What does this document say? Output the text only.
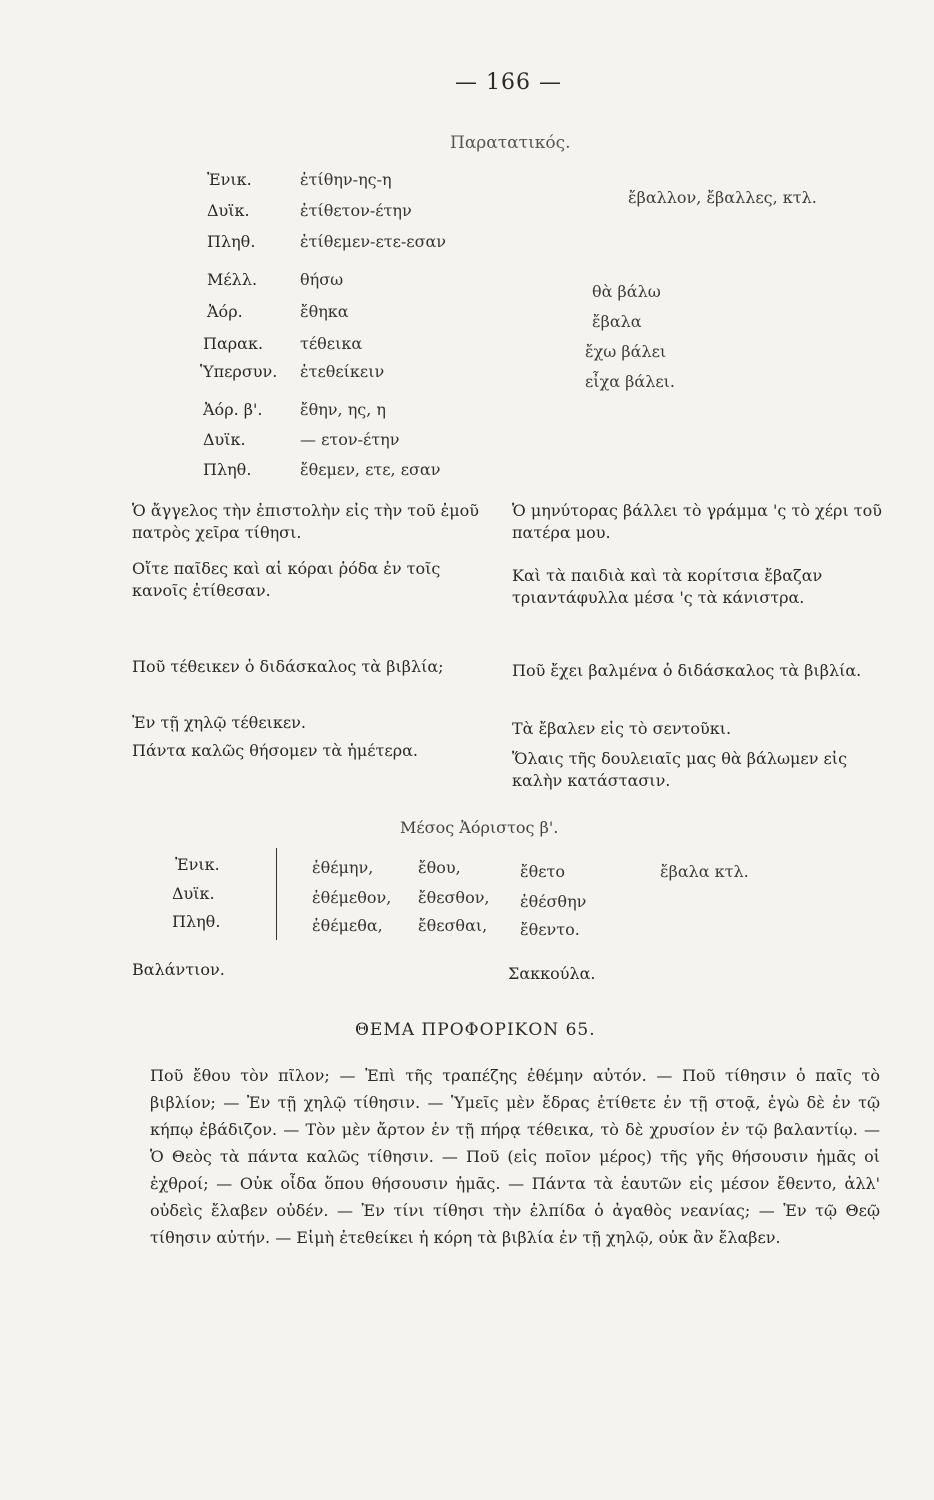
— 166 —
Παρατατικός.
Ἐνικ.	ἐτίθην-ης-η
Δυϊκ.	ἐτίθετον-έτην
Πληθ.	ἐτίθεμεν-ετε-εσαν
Μέλλ.	θήσω
Ἀόρ.	ἔθηκα
Παρακ. τέθεικα
Ὑπερσυν. ἐτεθείκειν
Ἀόρ. β'. ἔθην, ης, η
Δυϊκ.	— ετον-έτην
Πληθ.	ἔθεμεν, ετε, εσαν
ἔβαλλον, ἔβαλλες, κτλ.
θὰ βάλω
ἔβαλα
ἔχω βάλει
εἶχα βάλει.
Ὁ ἄγγελος τὴν ἐπιστολὴν εἰς τὴν τοῦ ἐμοῦ πατρὸς χεῖρα τίθησι.
Οἴτε παῖδες καὶ αἱ κόραι ῥόδα ἐν τοῖς κανοῖς ἐτίθεσαν.
Ποῦ τέθεικεν ὁ διδάσκαλος τὰ βιβλία;
Ἐν τῇ χηλῷ τέθεικεν.
Πάντα καλῶς θήσομεν τὰ ἡμέτερα.
Ὁ μηνύτορας βάλλει τὸ γράμμα 'ς τὸ χέρι τοῦ πατέρα μου.
Καὶ τὰ παιδιὰ καὶ τὰ κορίτσια ἔβαζαν τριαντάφυλλα μέσα 'ς τὰ κάνιστρα.
Ποῦ ἔχει βαλμένα ὁ διδάσκαλος τὰ βιβλία.
Τὰ ἔβαλεν εἰς τὸ σεντοῦκι.
Ὅλαις τῆς δουλειαῖς μας θὰ βάλωμεν εἰς καλὴν κατάστασιν.
Μέσος Ἀόριστος β'.
Ἐνικ.	ἐθέμην,	ἔθου,	ἔθετο	ἔβαλα κτλ.
Δυϊκ.	ἐθέμεθον, ἔθεσθον, ἐθέσθην
Πληθ.	ἐθέμεθα, ἔθεσθαι, ἔθεντο.
Βαλάντιον.	Σακκούλα.
ΘΕΜΑ ΠΡΟΦΟΡΙΚΟΝ 65.
Ποῦ ἔθου τὸν πῖλον; — Ἐπὶ τῆς τραπέζης ἐθέμην αὐτόν. — Ποῦ τίθησιν ὁ παῖς τὸ βιβλίον; — Ἐν τῇ χηλῷ τίθησιν. — Ὑμεῖς μὲν ἔδρας ἐτίθετε ἐν τῇ στοᾷ, ἐγὼ δὲ ἐν τῷ κήπῳ ἐβάδιζον. — Τὸν μὲν ἄρτον ἐν τῇ πήρᾳ τέθεικα, τὸ δὲ χρυσίον ἐν τῷ βαλαντίῳ. — Ὁ Θεὸς τὰ πάντα καλῶς τίθησιν. — Ποῦ (εἰς ποῖον μέρος) τῆς γῆς θήσουσιν ἡμᾶς οἱ ἐχθροί; — Οὐκ οἶδα ὅπου θήσουσιν ἡμᾶς. — Πάντα τὰ ἑαυτῶν εἰς μέσον ἔθεντο, ἀλλ' οὐδεὶς ἔλαβεν οὐδέν. — Ἐν τίνι τίθησι τὴν ἐλπίδα ὁ ἀγαθὸς νεανίας; — Ἐν τῷ Θεῷ τίθησιν αὐτήν. — Εἰμὴ ἐτεθείκει ἡ κόρη τὰ βιβλία ἐν τῇ χηλῷ, οὐκ ἂν ἔλαβεν.
